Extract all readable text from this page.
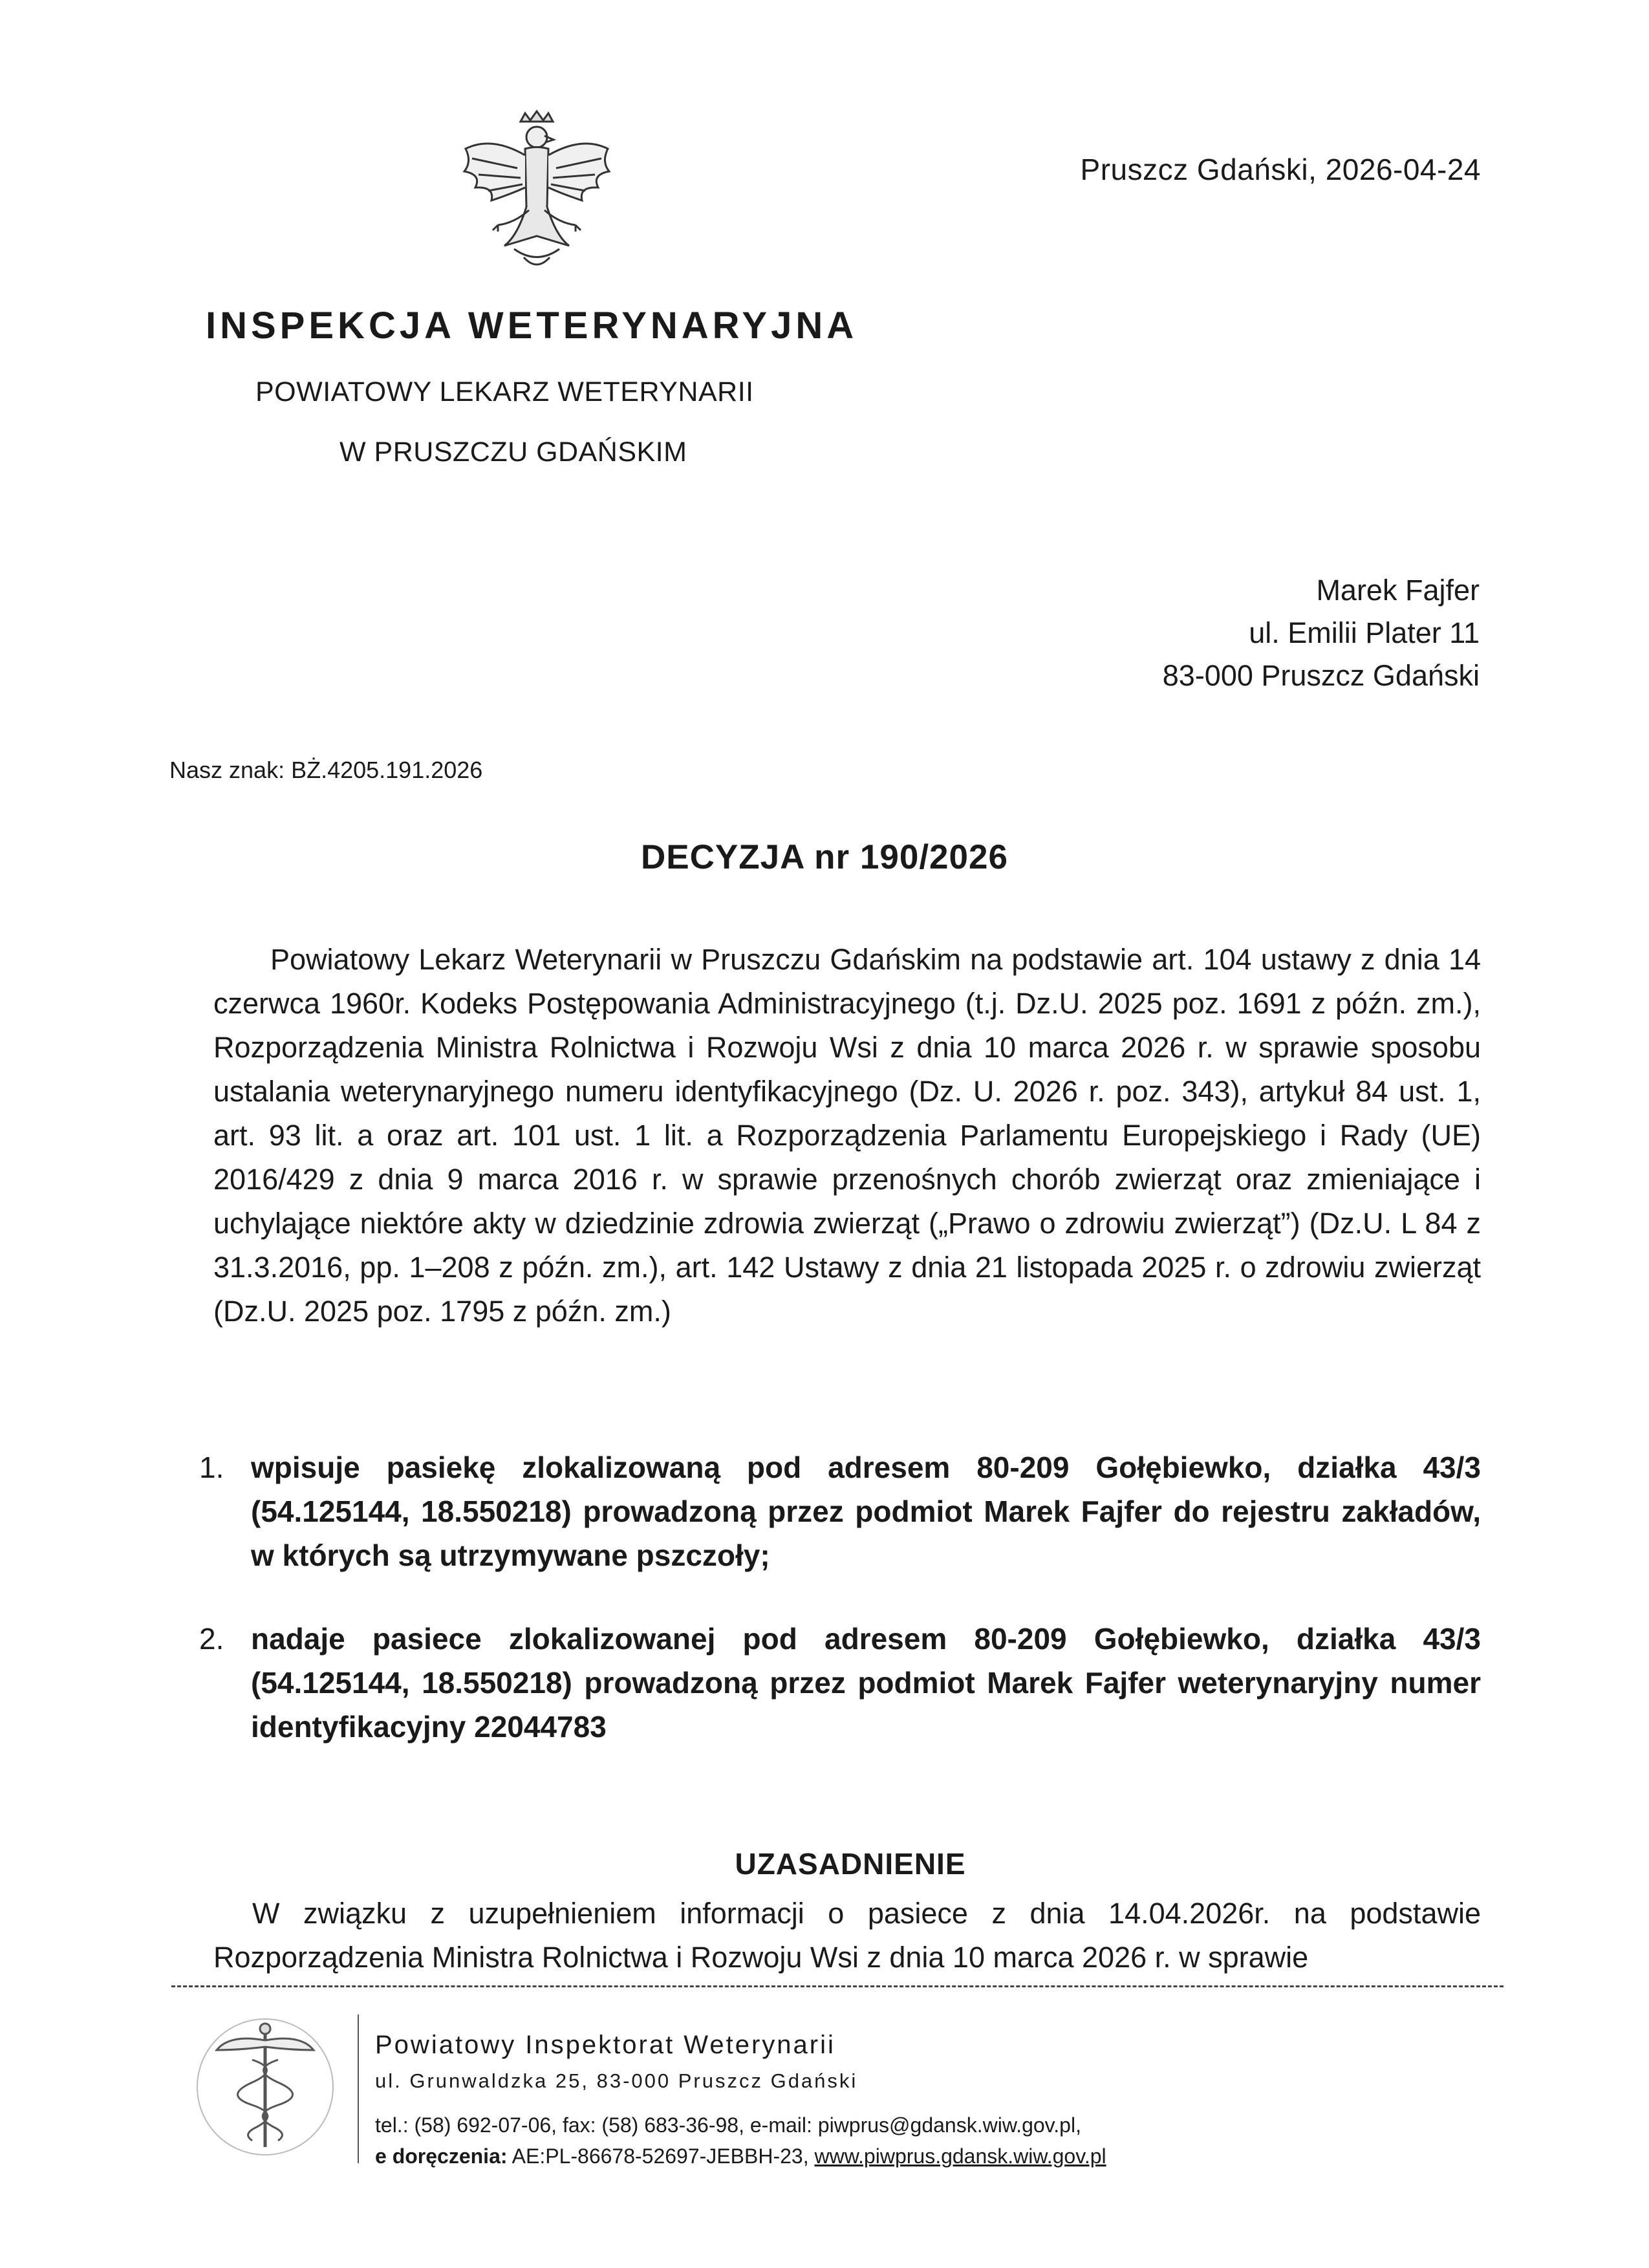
Pruszcz Gdański, 2026-04-24
INSPEKCJA WETERYNARYJNA
POWIATOWY LEKARZ WETERYNARII
W PRUSZCZU GDAŃSKIM
Marek Fajfer
ul. Emilii Plater 11
83-000 Pruszcz Gdański
Nasz znak: BŻ.4205.191.2026
DECYZJA nr 190/2026
Powiatowy Lekarz Weterynarii w Pruszczu Gdańskim na podstawie art. 104 ustawy z dnia 14 czerwca 1960r. Kodeks Postępowania Administracyjnego (t.j. Dz.U. 2025 poz. 1691 z późn. zm.), Rozporządzenia Ministra Rolnictwa i Rozwoju Wsi z dnia 10 marca 2026 r. w sprawie sposobu ustalania weterynaryjnego numeru identyfikacyjnego (Dz. U. 2026 r. poz. 343), artykuł 84 ust. 1, art. 93 lit. a oraz art. 101 ust. 1 lit. a Rozporządzenia Parlamentu Europejskiego i Rady (UE) 2016/429 z dnia 9 marca 2016 r. w sprawie przenośnych chorób zwierząt oraz zmieniające i uchylające niektóre akty w dziedzinie zdrowia zwierząt („Prawo o zdrowiu zwierząt”) (Dz.U. L 84 z 31.3.2016, pp. 1–208 z późn. zm.), art. 142 Ustawy z dnia 21 listopada 2025 r. o zdrowiu zwierząt (Dz.U. 2025 poz. 1795 z późn. zm.)
1. wpisuje pasiekę zlokalizowaną pod adresem 80-209 Gołębiewko, działka 43/3 (54.125144, 18.550218) prowadzoną przez podmiot Marek Fajfer do rejestru zakładów, w których są utrzymywane pszczoły;
2. nadaje pasiece zlokalizowanej pod adresem 80-209 Gołębiewko, działka 43/3 (54.125144, 18.550218) prowadzoną przez podmiot Marek Fajfer weterynaryjny numer identyfikacyjny 22044783
UZASADNIENIE
W związku z uzupełnieniem informacji o pasiece z dnia 14.04.2026r. na podstawie Rozporządzenia Ministra Rolnictwa i Rozwoju Wsi z dnia 10 marca 2026 r. w sprawie
Powiatowy Inspektorat Weterynarii
ul. Grunwaldzka 25, 83-000 Pruszcz Gdański
tel.: (58) 692-07-06, fax: (58) 683-36-98, e-mail: piwprus@gdansk.wiw.gov.pl,
e doręczenia: AE:PL-86678-52697-JEBBH-23, www.piwprus.gdansk.wiw.gov.pl
